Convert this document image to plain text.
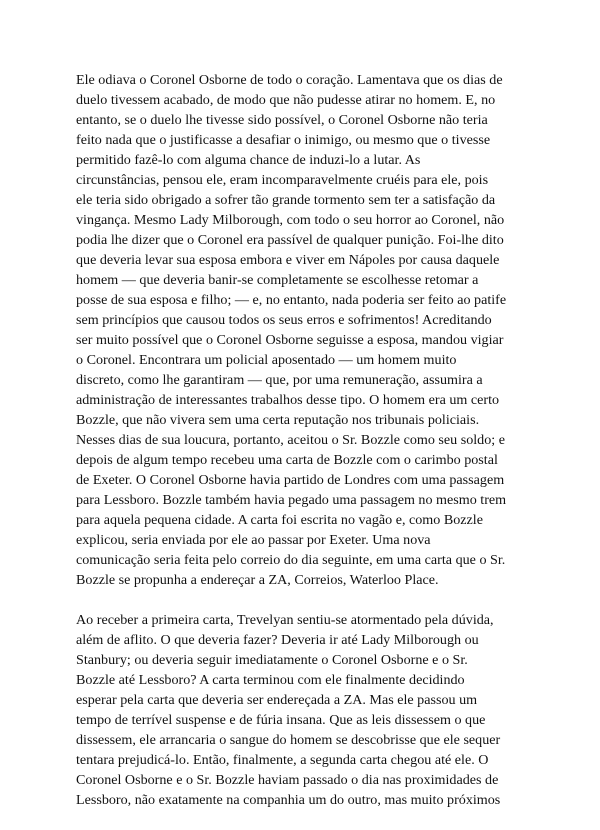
Ele odiava o Coronel Osborne de todo o coração. Lamentava que os dias de
duelo tivessem acabado, de modo que não pudesse atirar no homem. E, no
entanto, se o duelo lhe tivesse sido possível, o Coronel Osborne não teria
feito nada que o justificasse a desafiar o inimigo, ou mesmo que o tivesse
permitido fazê-lo com alguma chance de induzi-lo a lutar. As
circunstâncias, pensou ele, eram incomparavelmente cruéis para ele, pois
ele teria sido obrigado a sofrer tão grande tormento sem ter a satisfação da
vingança. Mesmo Lady Milborough, com todo o seu horror ao Coronel, não
podia lhe dizer que o Coronel era passível de qualquer punição. Foi-lhe dito
que deveria levar sua esposa embora e viver em Nápoles por causa daquele
homem — que deveria banir-se completamente se escolhesse retomar a
posse de sua esposa e filho; — e, no entanto, nada poderia ser feito ao patife
sem princípios que causou todos os seus erros e sofrimentos! Acreditando
ser muito possível que o Coronel Osborne seguisse a esposa, mandou vigiar
o Coronel. Encontrara um policial aposentado — um homem muito
discreto, como lhe garantiram — que, por uma remuneração, assumira a
administração de interessantes trabalhos desse tipo. O homem era um certo
Bozzle, que não vivera sem uma certa reputação nos tribunais policiais.
Nesses dias de sua loucura, portanto, aceitou o Sr. Bozzle como seu soldo; e
depois de algum tempo recebeu uma carta de Bozzle com o carimbo postal
de Exeter. O Coronel Osborne havia partido de Londres com uma passagem
para Lessboro. Bozzle também havia pegado uma passagem no mesmo trem
para aquela pequena cidade. A carta foi escrita no vagão e, como Bozzle
explicou, seria enviada por ele ao passar por Exeter. Uma nova
comunicação seria feita pelo correio do dia seguinte, em uma carta que o Sr.
Bozzle se propunha a endereçar a ZA, Correios, Waterloo Place.

Ao receber a primeira carta, Trevelyan sentiu-se atormentado pela dúvida,
além de aflito. O que deveria fazer? Deveria ir até Lady Milborough ou
Stanbury; ou deveria seguir imediatamente o Coronel Osborne e o Sr.
Bozzle até Lessboro? A carta terminou com ele finalmente decidindo
esperar pela carta que deveria ser endereçada a ZA. Mas ele passou um
tempo de terrível suspense e de fúria insana. Que as leis dissessem o que
dissessem, ele arrancaria o sangue do homem se descobrisse que ele sequer
tentara prejudicá-lo. Então, finalmente, a segunda carta chegou até ele. O
Coronel Osborne e o Sr. Bozzle haviam passado o dia nas proximidades de
Lessboro, não exatamente na companhia um do outro, mas muito próximos
